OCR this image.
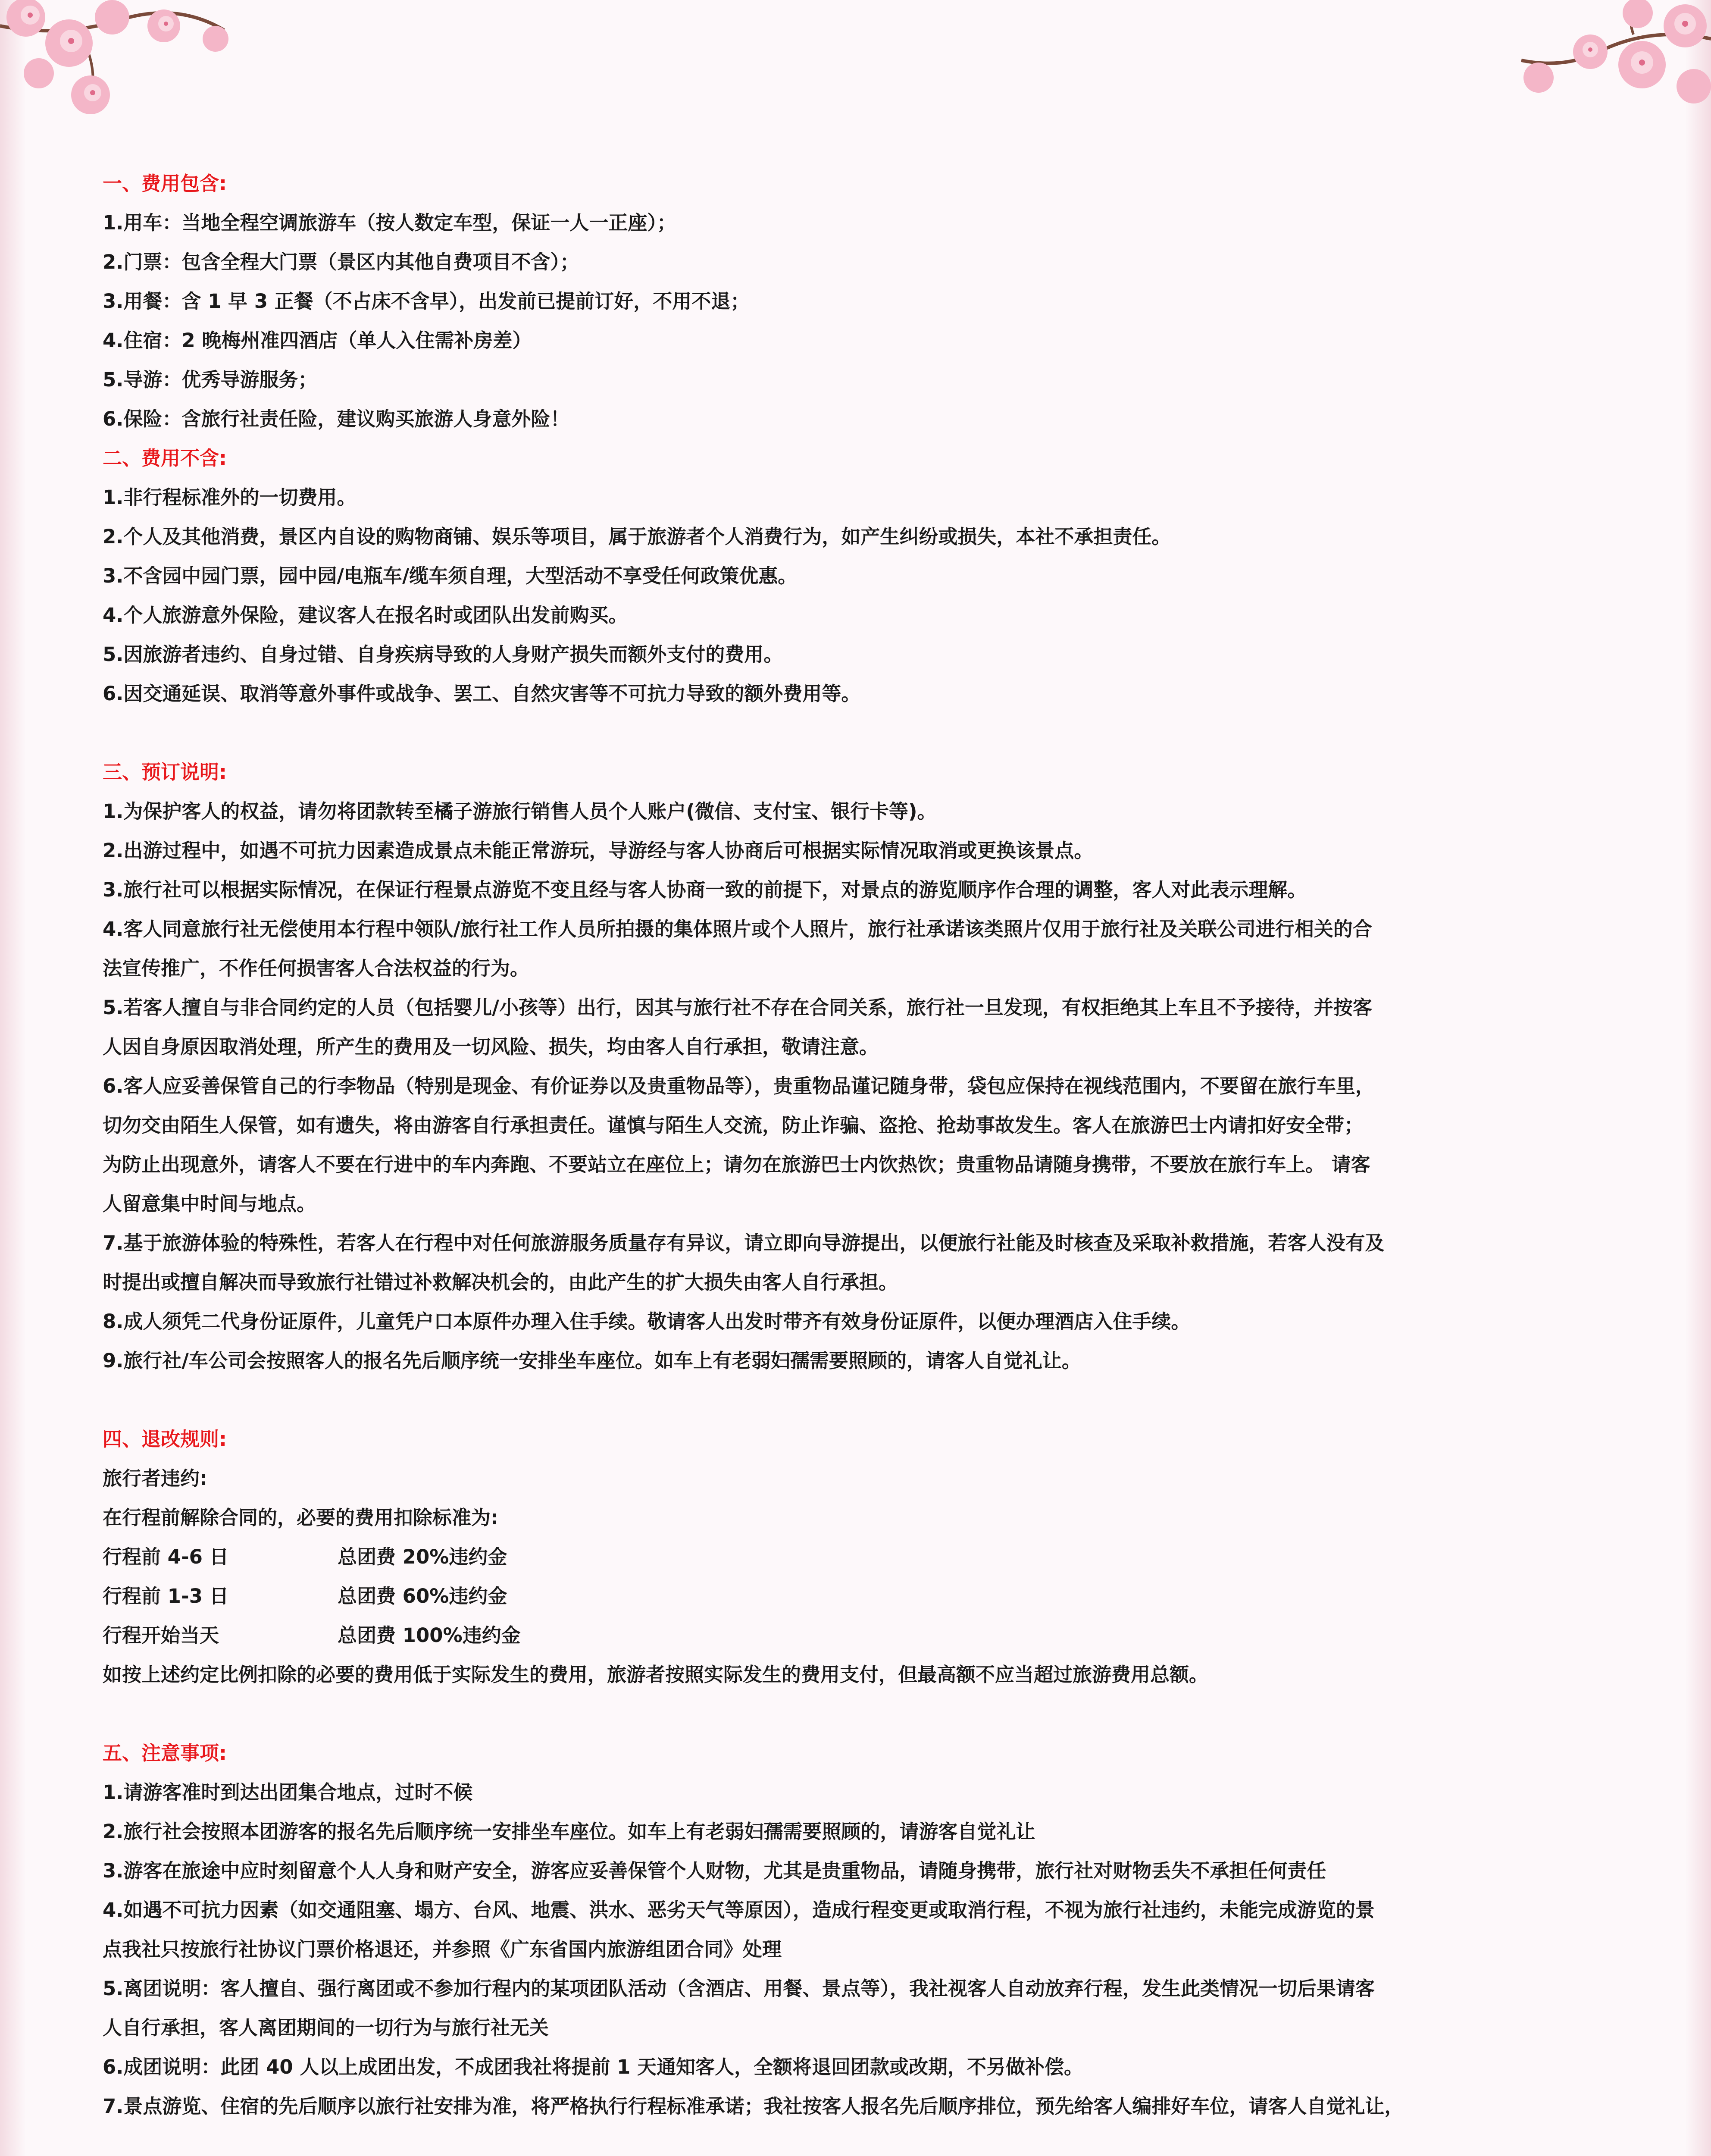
一、费用包含:
1.用车：当地全程空调旅游车（按人数定车型，保证一人一正座）；
2.门票：包含全程大门票（景区内其他自费项目不含）；
3.用餐：含 1 早 3 正餐（不占床不含早），出发前已提前订好，不用不退；
4.住宿：2 晚梅州准四酒店（单人入住需补房差）
5.导游：优秀导游服务；
6.保险：含旅行社责任险，建议购买旅游人身意外险！
二、费用不含:
1.非行程标准外的一切费用。
2.个人及其他消费，景区内自设的购物商铺、娱乐等项目，属于旅游者个人消费行为，如产生纠纷或损失，本社不承担责任。
3.不含园中园门票，园中园/电瓶车/缆车须自理，大型活动不享受任何政策优惠。
4.个人旅游意外保险，建议客人在报名时或团队出发前购买。
5.因旅游者违约、自身过错、自身疾病导致的人身财产损失而额外支付的费用。
6.因交通延误、取消等意外事件或战争、罢工、自然灾害等不可抗力导致的额外费用等。
三、预订说明:
1.为保护客人的权益，请勿将团款转至橘子游旅行销售人员个人账户(微信、支付宝、银行卡等)。
2.出游过程中，如遇不可抗力因素造成景点未能正常游玩，导游经与客人协商后可根据实际情况取消或更换该景点。
3.旅行社可以根据实际情况，在保证行程景点游览不变且经与客人协商一致的前提下，对景点的游览顺序作合理的调整，客人对此表示理解。
4.客人同意旅行社无偿使用本行程中领队/旅行社工作人员所拍摄的集体照片或个人照片，旅行社承诺该类照片仅用于旅行社及关联公司进行相关的合
法宣传推广，不作任何损害客人合法权益的行为。
5.若客人擅自与非合同约定的人员（包括婴儿/小孩等）出行，因其与旅行社不存在合同关系，旅行社一旦发现，有权拒绝其上车且不予接待，并按客
人因自身原因取消处理，所产生的费用及一切风险、损失，均由客人自行承担，敬请注意。
6.客人应妥善保管自己的行李物品（特别是现金、有价证券以及贵重物品等），贵重物品谨记随身带，袋包应保持在视线范围内，不要留在旅行车里，
切勿交由陌生人保管，如有遗失，将由游客自行承担责任。谨慎与陌生人交流，防止诈骗、盗抢、抢劫事故发生。客人在旅游巴士内请扣好安全带；
为防止出现意外，请客人不要在行进中的车内奔跑、不要站立在座位上；请勿在旅游巴士内饮热饮；贵重物品请随身携带，不要放在旅行车上。 请客
人留意集中时间与地点。
7.基于旅游体验的特殊性，若客人在行程中对任何旅游服务质量存有异议，请立即向导游提出，以便旅行社能及时核查及采取补救措施，若客人没有及
时提出或擅自解决而导致旅行社错过补救解决机会的，由此产生的扩大损失由客人自行承担。
8.成人须凭二代身份证原件，儿童凭户口本原件办理入住手续。敬请客人出发时带齐有效身份证原件，以便办理酒店入住手续。
9.旅行社/车公司会按照客人的报名先后顺序统一安排坐车座位。如车上有老弱妇孺需要照顾的，请客人自觉礼让。
四、退改规则:
旅行者违约:
在行程前解除合同的，必要的费用扣除标准为:
行程前 4-6 日	总团费 20%违约金
行程前 1-3 日	总团费 60%违约金
行程开始当天	总团费 100%违约金
如按上述约定比例扣除的必要的费用低于实际发生的费用，旅游者按照实际发生的费用支付，但最高额不应当超过旅游费用总额。
五、注意事项:
1.请游客准时到达出团集合地点，过时不候
2.旅行社会按照本团游客的报名先后顺序统一安排坐车座位。如车上有老弱妇孺需要照顾的，请游客自觉礼让
3.游客在旅途中应时刻留意个人人身和财产安全，游客应妥善保管个人财物，尤其是贵重物品，请随身携带，旅行社对财物丢失不承担任何责任
4.如遇不可抗力因素（如交通阻塞、塌方、台风、地震、洪水、恶劣天气等原因），造成行程变更或取消行程，不视为旅行社违约，未能完成游览的景
点我社只按旅行社协议门票价格退还，并参照《广东省国内旅游组团合同》处理
5.离团说明：客人擅自、强行离团或不参加行程内的某项团队活动（含酒店、用餐、景点等），我社视客人自动放弃行程，发生此类情况一切后果请客
人自行承担，客人离团期间的一切行为与旅行社无关
6.成团说明：此团 40 人以上成团出发，不成团我社将提前 1 天通知客人，全额将退回团款或改期，不另做补偿。
7.景点游览、住宿的先后顺序以旅行社安排为准，将严格执行行程标准承诺；我社按客人报名先后顺序排位，预先给客人编排好车位，请客人自觉礼让，
